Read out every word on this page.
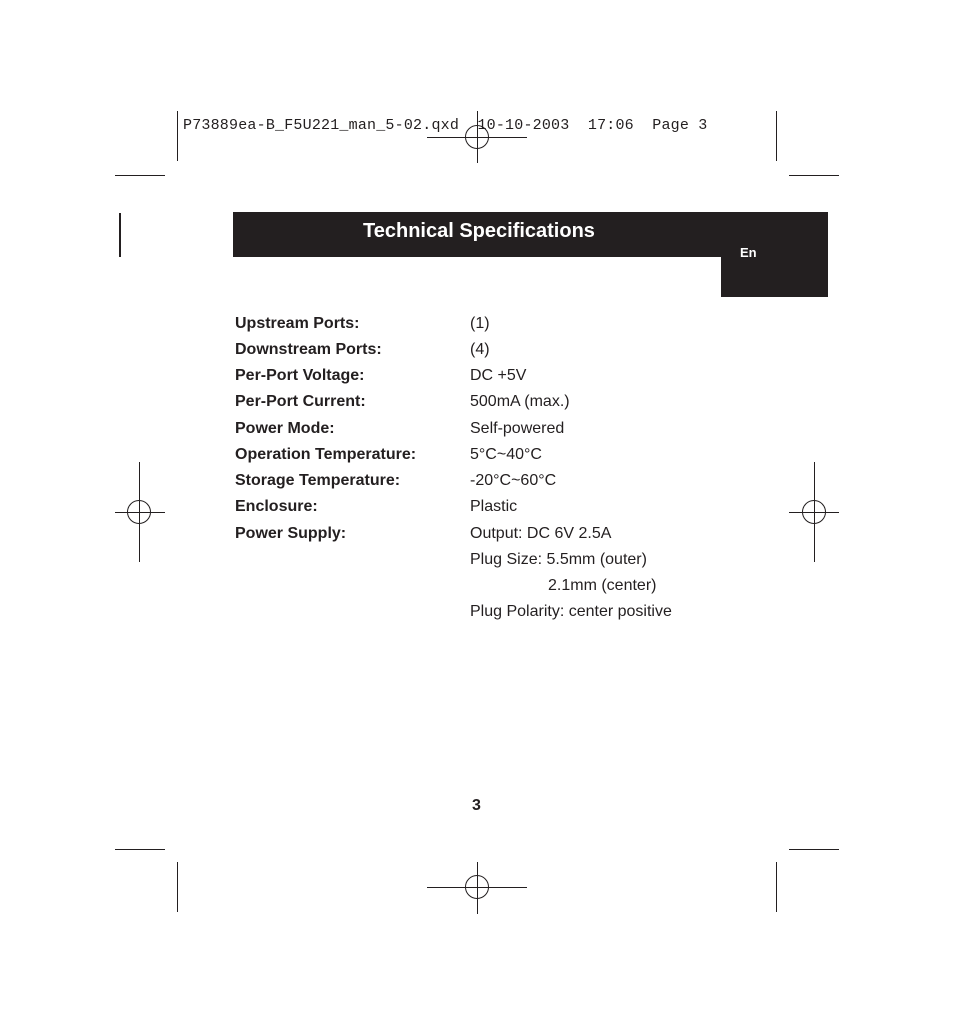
P73889ea-B_F5U221_man_5-02.qxd  10-10-2003  17:06  Page 3
Technical Specifications
En
Upstream Ports:	(1)
Downstream Ports:	(4)
Per-Port Voltage:	DC +5V
Per-Port Current:	500mA (max.)
Power Mode:	Self-powered
Operation Temperature:	5°C~40°C
Storage Temperature:	-20°C~60°C
Enclosure:	Plastic
Power Supply:	Output: DC 6V 2.5A
Plug Size: 5.5mm (outer)
2.1mm (center)
Plug Polarity: center positive
3
